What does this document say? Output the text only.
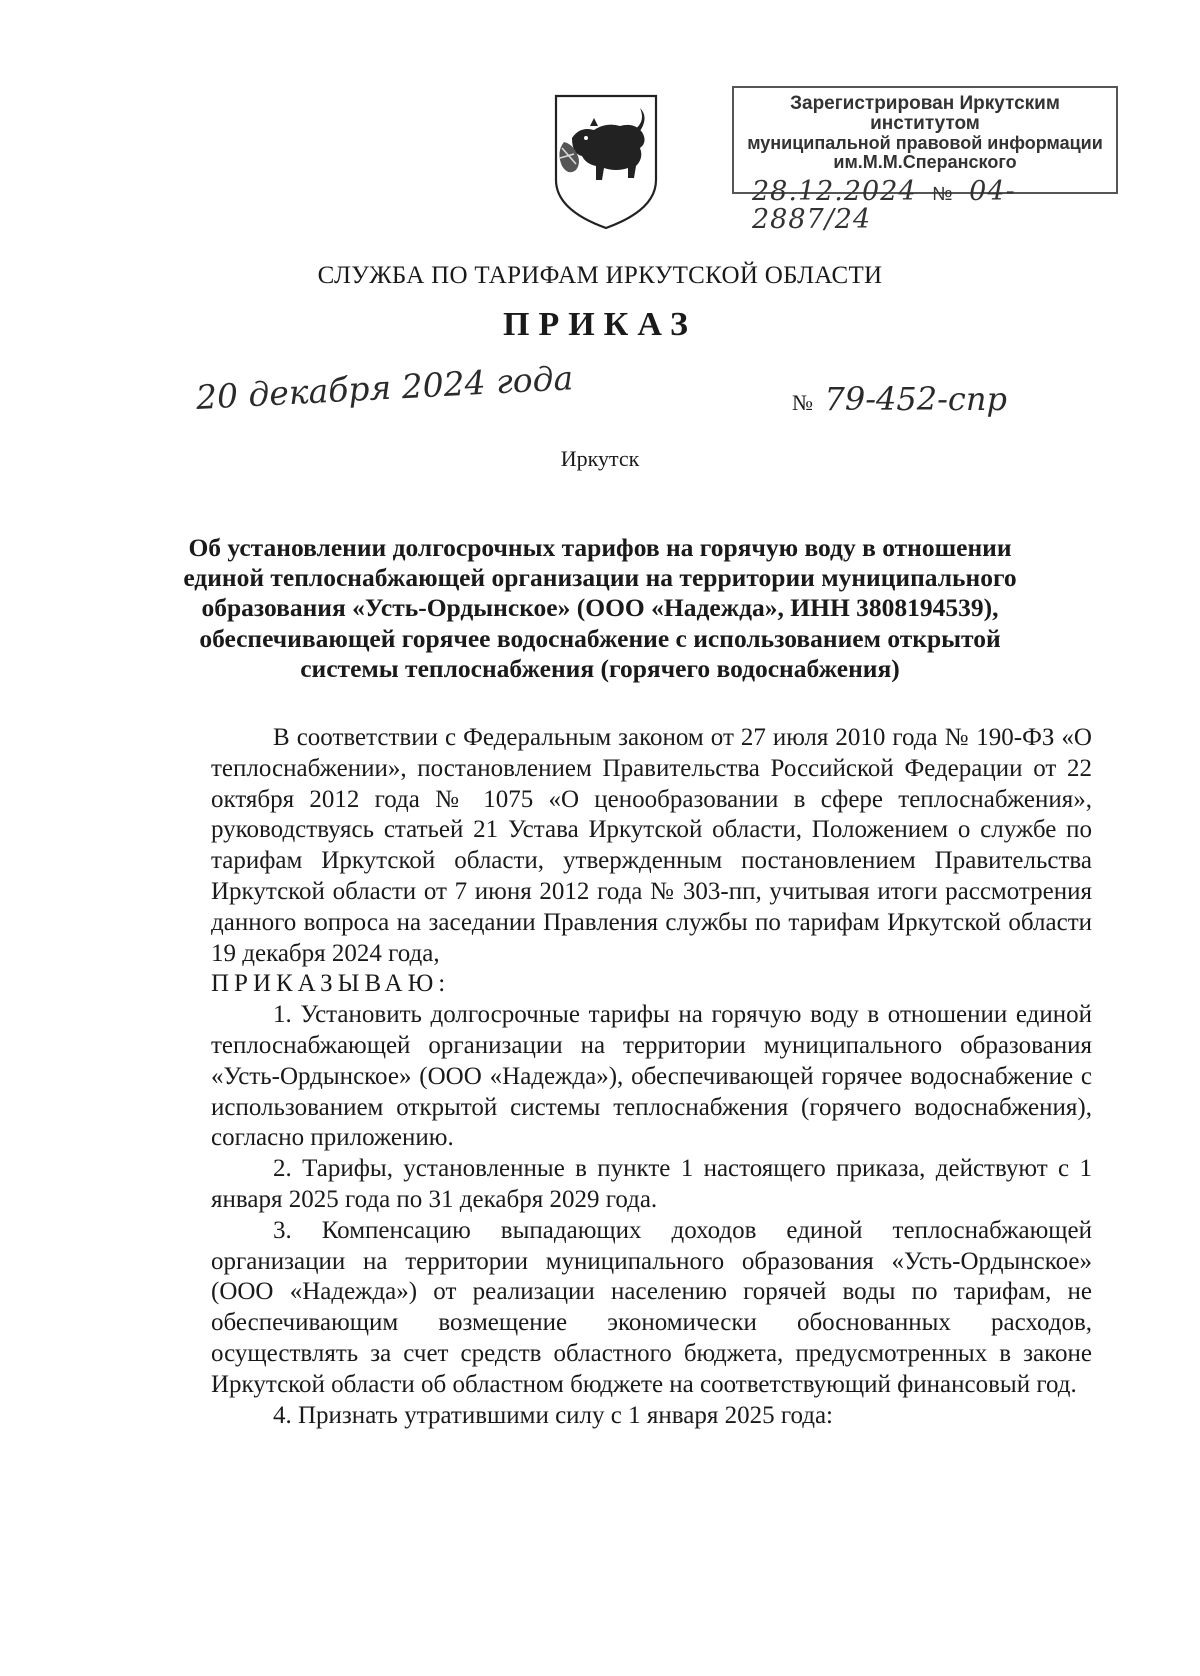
Зарегистрирован Иркутским институтом
муниципальной правовой информации
им.М.М.Сперанского
28.12.2024 № 04-2887/24
СЛУЖБА ПО ТАРИФАМ ИРКУТСКОЙ ОБЛАСТИ
ПРИКАЗ
20 декабря 2024 года	№ 79-452-спр
Иркутск
Об установлении долгосрочных тарифов на горячую воду в отношении единой теплоснабжающей организации на территории муниципального образования «Усть-Ордынское» (ООО «Надежда», ИНН 3808194539), обеспечивающей горячее водоснабжение с использованием открытой системы теплоснабжения (горячего водоснабжения)

В соответствии с Федеральным законом от 27 июля 2010 года № 190-ФЗ «О теплоснабжении», постановлением Правительства Российской Федерации от 22 октября 2012 года № 1075 «О ценообразовании в сфере теплоснабжения», руководствуясь статьей 21 Устава Иркутской области, Положением о службе по тарифам Иркутской области, утвержденным постановлением Правительства Иркутской области от 7 июня 2012 года № 303-пп, учитывая итоги рассмотрения данного вопроса на заседании Правления службы по тарифам Иркутской области 19 декабря 2024 года,

ПРИКАЗЫВАЮ:

1. Установить долгосрочные тарифы на горячую воду в отношении единой теплоснабжающей организации на территории муниципального образования «Усть-Ордынское» (ООО «Надежда»), обеспечивающей горячее водоснабжение с использованием открытой системы теплоснабжения (горячего водоснабжения), согласно приложению.

2. Тарифы, установленные в пункте 1 настоящего приказа, действуют с 1 января 2025 года по 31 декабря 2029 года.

3. Компенсацию выпадающих доходов единой теплоснабжающей организации на территории муниципального образования «Усть-Ордынское» (ООО «Надежда») от реализации населению горячей воды по тарифам, не обеспечивающим возмещение экономически обоснованных расходов, осуществлять за счет средств областного бюджета, предусмотренных в законе Иркутской области об областном бюджете на соответствующий финансовый год.

4. Признать утратившими силу с 1 января 2025 года:
